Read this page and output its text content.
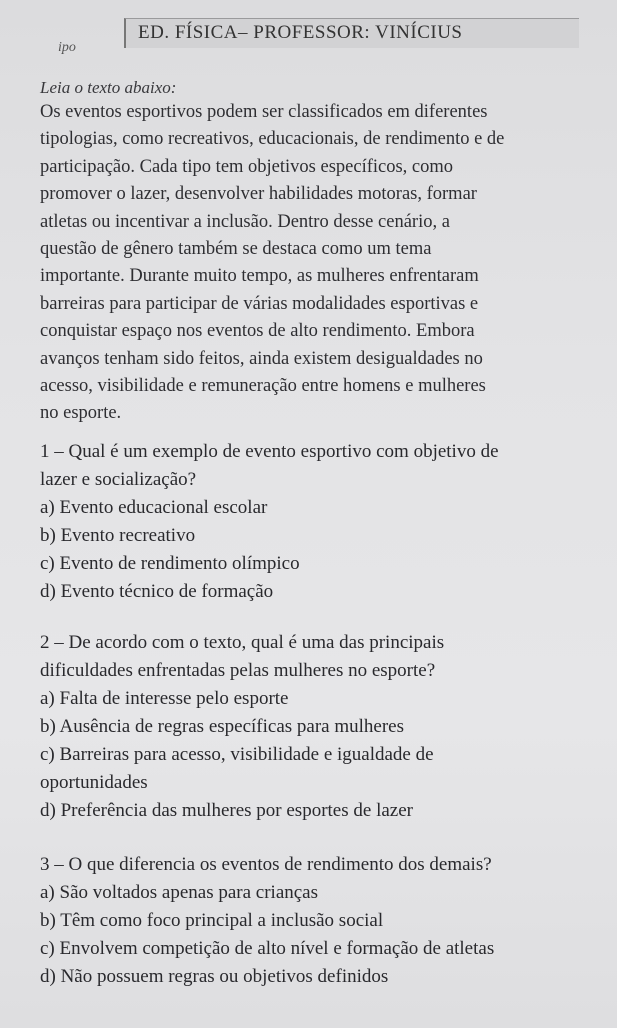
ipo
ED. FÍSICA– PROFESSOR: VINÍCIUS
Leia o texto abaixo:
Os eventos esportivos podem ser classificados em diferentes
tipologias, como recreativos, educacionais, de rendimento e de
participação. Cada tipo tem objetivos específicos, como
promover o lazer, desenvolver habilidades motoras, formar
atletas ou incentivar a inclusão. Dentro desse cenário, a
questão de gênero também se destaca como um tema
importante. Durante muito tempo, as mulheres enfrentaram
barreiras para participar de várias modalidades esportivas e
conquistar espaço nos eventos de alto rendimento. Embora
avanços tenham sido feitos, ainda existem desigualdades no
acesso, visibilidade e remuneração entre homens e mulheres
no esporte.
1 – Qual é um exemplo de evento esportivo com objetivo de
lazer e socialização?
a) Evento educacional escolar
b) Evento recreativo
c) Evento de rendimento olímpico
d) Evento técnico de formação
2 – De acordo com o texto, qual é uma das principais
dificuldades enfrentadas pelas mulheres no esporte?
a) Falta de interesse pelo esporte
b) Ausência de regras específicas para mulheres
c) Barreiras para acesso, visibilidade e igualdade de
oportunidades
d) Preferência das mulheres por esportes de lazer
3 – O que diferencia os eventos de rendimento dos demais?
a) São voltados apenas para crianças
b) Têm como foco principal a inclusão social
c) Envolvem competição de alto nível e formação de atletas
d) Não possuem regras ou objetivos definidos
